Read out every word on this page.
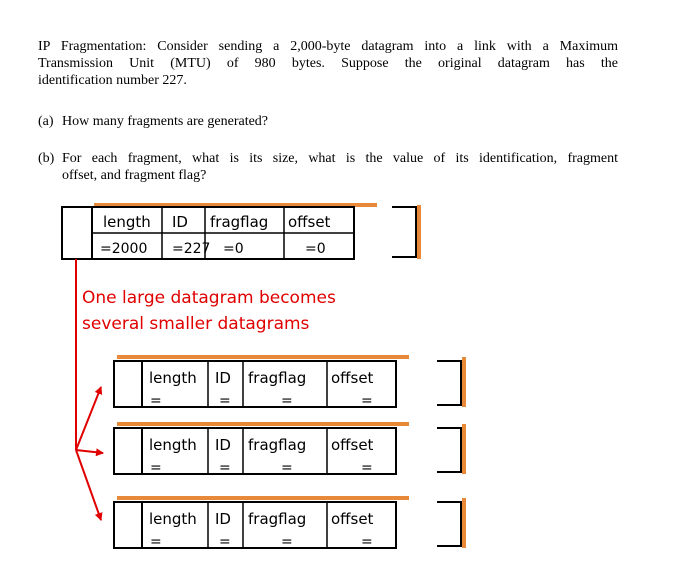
IP Fragmentation: Consider sending a 2,000-byte datagram into a link with a Maximum
Transmission Unit (MTU) of 980 bytes. Suppose the original datagram has the
identification number 227.
(a) How many fragments are generated?
(b) For each fragment, what is its size, what is the value of its identification, fragment
offset, and fragment flag?
length ID fragflag offset
=2000 =227 =0	=0
One large datagram becomes
several smaller datagrams
length ID fragflag offset
=	=	=	=
length ID fragflag offset
=	=	=	=
length ID fragflag offset
=	=	=	=
